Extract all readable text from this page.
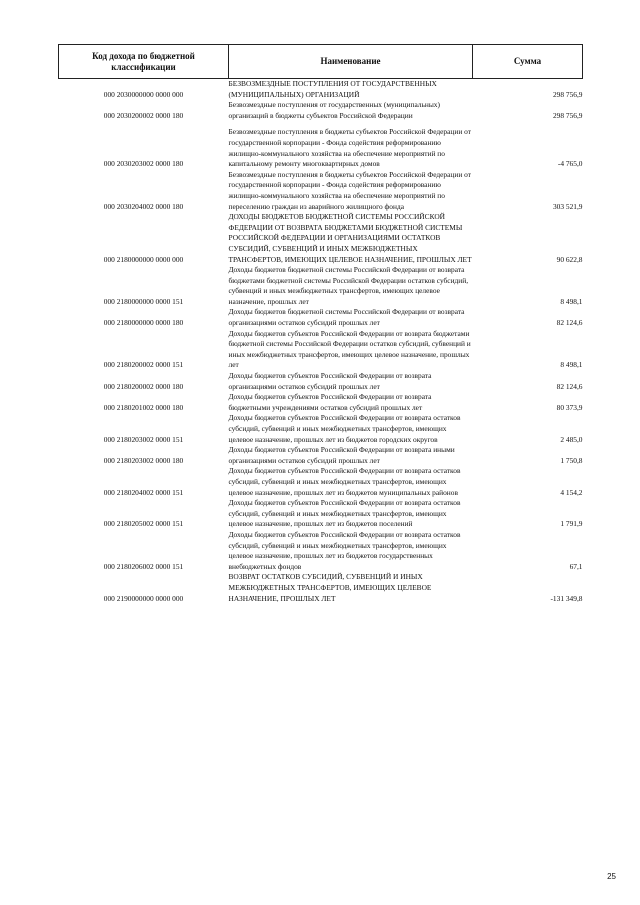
Код дохода по бюджетной классификации	Наименование	Сумма
000 2030000000 0000 000	БЕЗВОЗМЕЗДНЫЕ ПОСТУПЛЕНИЯ ОТ ГОСУДАРСТВЕННЫХ (МУНИЦИПАЛЬНЫХ) ОРГАНИЗАЦИЙ	298 756,9
000 2030200002 0000 180	Безвозмездные поступления от государственных (муниципальных) организаций в бюджеты субъектов Российской Федерации	298 756,9

000 2030203002 0000 180	Безвозмездные поступления в бюджеты субъектов Российской Федерации от государственной корпорации - Фонда содействия реформированию жилищно-коммунального хозяйства на обеспечение мероприятий по капитальному ремонту многоквартирных домов	-4 765,0
000 2030204002 0000 180	Безвозмездные поступления в бюджеты субъектов Российской Федерации от государственной корпорации - Фонда содействия реформированию жилищно-коммунального хозяйства на обеспечение мероприятий по переселению граждан из аварийного жилищного фонда	303 521,9
000 2180000000 0000 000	ДОХОДЫ БЮДЖЕТОВ БЮДЖЕТНОЙ СИСТЕМЫ РОССИЙСКОЙ ФЕДЕРАЦИИ ОТ ВОЗВРАТА БЮДЖЕТАМИ БЮДЖЕТНОЙ СИСТЕМЫ РОССИЙСКОЙ ФЕДЕРАЦИИ И ОРГАНИЗАЦИЯМИ ОСТАТКОВ СУБСИДИЙ, СУБВЕНЦИЙ И ИНЫХ МЕЖБЮДЖЕТНЫХ ТРАНСФЕРТОВ, ИМЕЮЩИХ ЦЕЛЕВОЕ НАЗНАЧЕНИЕ, ПРОШЛЫХ ЛЕТ	90 622,8
000 2180000000 0000 151	Доходы бюджетов бюджетной системы Российской Федерации от возврата бюджетами бюджетной системы Российской Федерации остатков субсидий, субвенций и иных межбюджетных трансфертов, имеющих целевое назначение, прошлых лет	8 498,1
000 2180000000 0000 180	Доходы бюджетов бюджетной системы Российской Федерации от возврата организациями остатков субсидий прошлых лет	82 124,6
000 2180200002 0000 151	Доходы бюджетов субъектов Российской Федерации от возврата бюджетами бюджетной системы Российской Федерации остатков субсидий, субвенций и иных межбюджетных трансфертов, имеющих целевое назначение, прошлых лет	8 498,1
000 2180200002 0000 180	Доходы бюджетов субъектов Российской Федерации от возврата организациями остатков субсидий прошлых лет	82 124,6
000 2180201002 0000 180	Доходы бюджетов субъектов Российской Федерации от возврата бюджетными учреждениями остатков субсидий прошлых лет	80 373,9
000 2180203002 0000 151	Доходы бюджетов субъектов Российской Федерации от возврата остатков субсидий, субвенций и иных межбюджетных трансфертов, имеющих целевое назначение, прошлых лет из бюджетов городских округов	2 485,0
000 2180203002 0000 180	Доходы бюджетов субъектов Российской Федерации от возврата иными организациями остатков субсидий прошлых лет	1 750,8
000 2180204002 0000 151	Доходы бюджетов субъектов Российской Федерации от возврата остатков субсидий, субвенций и иных межбюджетных трансфертов, имеющих целевое назначение, прошлых лет из бюджетов муниципальных районов	4 154,2
000 2180205002 0000 151	Доходы бюджетов субъектов Российской Федерации от возврата остатков субсидий, субвенций и иных межбюджетных трансфертов, имеющих целевое назначение, прошлых лет из бюджетов поселений	1 791,9
000 2180206002 0000 151	Доходы бюджетов субъектов Российской Федерации от возврата остатков субсидий, субвенций и иных межбюджетных трансфертов, имеющих целевое назначение, прошлых лет из бюджетов государственных внебюджетных фондов	67,1
000 2190000000 0000 000	ВОЗВРАТ ОСТАТКОВ СУБСИДИЙ, СУБВЕНЦИЙ И ИНЫХ МЕЖБЮДЖЕТНЫХ ТРАНСФЕРТОВ, ИМЕЮЩИХ ЦЕЛЕВОЕ НАЗНАЧЕНИЕ, ПРОШЛЫХ ЛЕТ	-131 349,8
25
